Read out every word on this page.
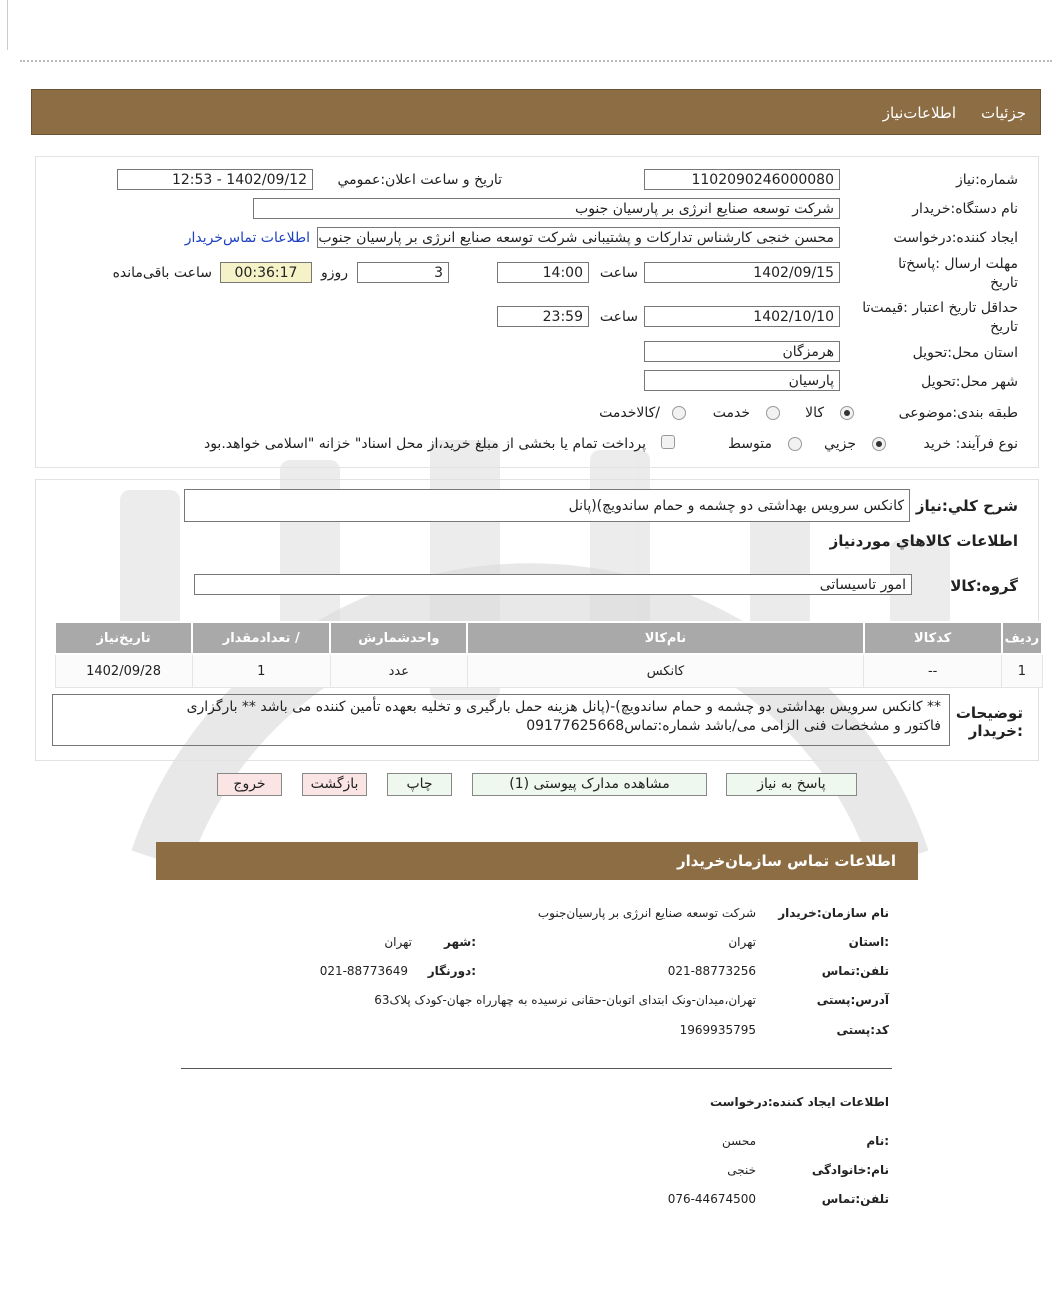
جزئيات
اطلاعات‌نیاز
شماره:نیاز
1102090246000080
تاریخ و ساعت اعلان:عمومي
1402/09/12 - 12:53
نام دستگاه:خریدار
شرکت توسعه صنایع انرژی بر پارسیان جنوب
ایجاد کننده:درخواست
محسن خنجی کارشناس تدارکات و پشتیبانی شرکت توسعه صنایع انرژی بر پارسیان جنوب
اطلاعات تماس‌خریدار
مهلت ارسال :پاسخ‌تا
تاریخ
1402/09/15
ساعت
14:00
3
روزو
00:36:17
ساعت باقی‌مانده
حداقل تاریخ اعتبار :قیمت‌تا
تاریخ
1402/10/10
ساعت
23:59
استان محل:تحویل
هرمزگان
شهر محل:تحویل
پارسیان
طبقه بندی:موضوعی
کالا
خدمت
/کالاخدمت
نوع فرآیند: خرید
جزیي
متوسط
پرداخت تمام یا بخشی از مبلغ خرید،از محل اسناد" خزانه "اسلامی خواهد.بود
شرح کلي:نیاز
کانکس سرویس بهداشتی دو چشمه و حمام ساندویچ)(پانل
اطلاعات کالاهاي موردنیاز
گروه:کالا
امور تاسیساتی
ردیف	کدکالا	نام‌کالا	واحدشمارش	/ تعدادمقدار	تاریخ‌نیاز
1	--	کانکس	عدد	1	1402/09/28
توضیحات
:خریدار
** کانکس سرویس بهداشتی دو چشمه و حمام ساندویچ)-(پانل هزینه حمل بارگیری و تخلیه بعهده تأمین کننده می باشد ** بارگزاری
فاکتور و مشخصات فنی الزامی می/باشد شماره:تماس09177625668
پاسخ به نیاز
مشاهده مدارک پیوستی (1)
چاپ
بازگشت
خروج
اطلاعات تماس سازمان‌خریدار
نام سازمان:خریدار
شرکت توسعه صنایع انرژی بر پارسیان‌جنوب
:استان
تهران
:شهر
تهران
تلفن:تماس
021-88773256
:دورنگار
021-88773649
آدرس:پستی
تهران،میدان-ونک ابتدای اتوبان-حقانی نرسیده به چهارراه جهان-کودک پلاک63
کد:پستی
1969935795
اطلاعات ایجاد کننده:درخواست
:نام
محسن
نام:خانوادگی
خنجی
تلفن:تماس
076-44674500
